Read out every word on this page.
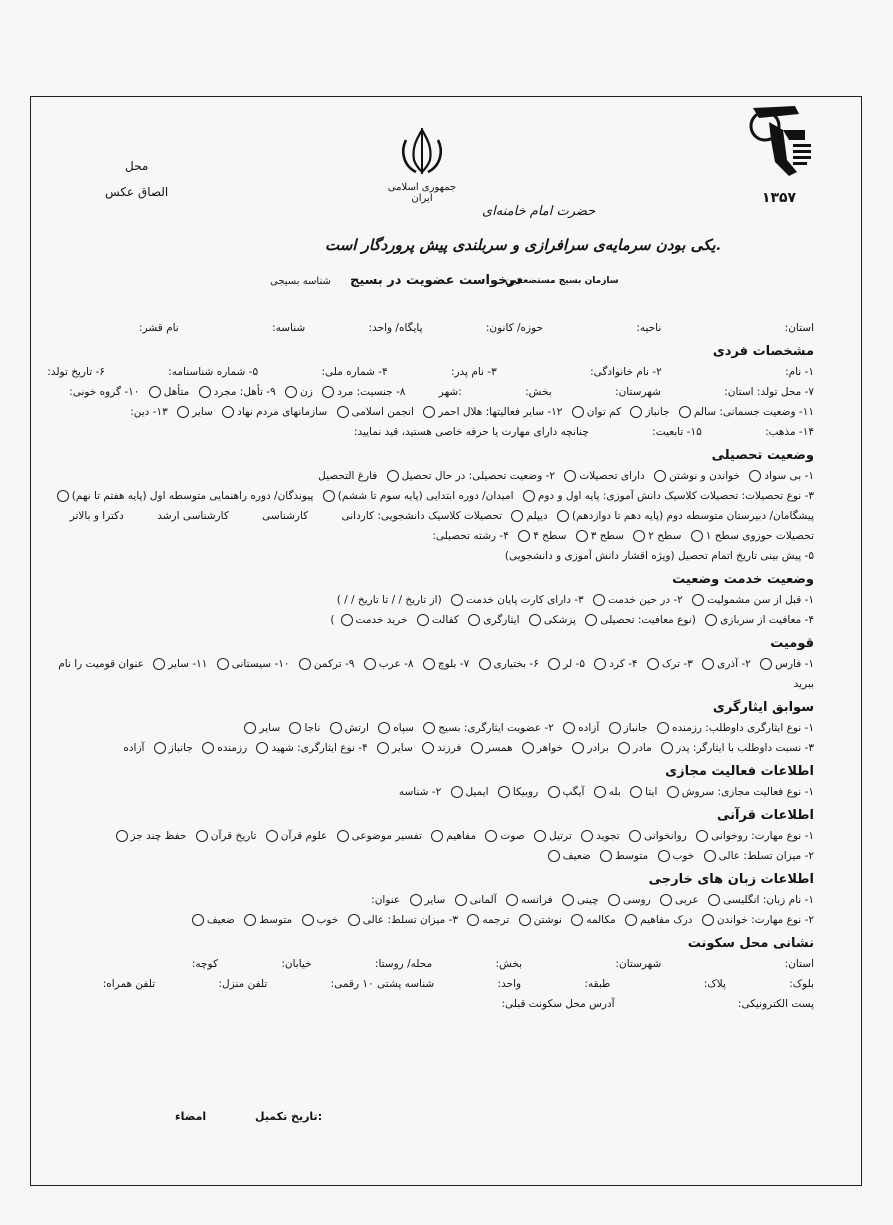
محل
الصاق عکس	جمهوری اسلامی ایران	۱۳۵۷
حضرت امام خامنه‌ای
یکی بودن سرمایه‌ی سرافرازی و سربلندی پیش پروردگار است.
شناسه بسیجی درخواست عضویت در بسیج
سازمان بسیج مستضعفین
استان: ناحیه: حوزه/ کانون: پایگاه/ واحد: شناسه: نام قشر:
مشخصات فردی
۱- نام: ۲- نام خانوادگی: ۳- نام پدر: ۴- شماره ملی: ۵- شماره شناسنامه: ۶- تاریخ تولد:
۷- محل تولد: استان: شهرستان: بخش: :شهر ۸- جنسیت: مرد زن ۹- تأهل: مجرد متأهل ۱۰- گروه خونی:
۱۱- وضعیت جسمانی: سالم جانباز کم توان ۱۲- سایر فعالیتها: هلال احمر انجمن اسلامی سازمانهای مردم نهاد سایر ۱۳- دین:
۱۴- مذهب: ۱۵- تابعیت: چنانچه دارای مهارت یا حرفه خاصی هستید، قید نمایید:
وضعیت تحصیلی
۱- بی سواد خواندن و نوشتن دارای تحصیلات ۲- وضعیت تحصیلی: در حال تحصیل فارغ التحصیل
۳- نوع تحصیلات: تحصیلات کلاسیک دانش آموزی: پایه اول و دوم امیدان/ دوره ابتدایی (پایه سوم تا ششم) پیوندگان/ دوره راهنمایی متوسطه اول (پایه هفتم تا نهم)
پیشگامان/ دبیرستان متوسطه دوم (پایه دهم تا دوازدهم) دیپلم تحصیلات کلاسیک دانشجویی: کاردانی کارشناسی کارشناسی ارشد دکترا و بالاتر
تحصیلات حوزوی سطح ۱ سطح ۲ سطح ۳ سطح ۴ ۴- رشته تحصیلی:
۵- پیش بینی تاریخ اتمام تحصیل (ویژه اقشار دانش آموزی و دانشجویی)
وضعیت خدمت وضعیت
۱- قبل از سن مشمولیت ۲- در حین خدمت ۳- دارای کارت پایان خدمت (از تاریخ / / تا تاریخ / / )
۴- معافیت از سربازی (نوع معافیت: تحصیلی پزشکی ایثارگری کفالت خرید خدمت)
قومیت
۱- فارس ۲- آذری ۳- ترک ۴- کرد ۵- لر ۶- بختیاری ۷- بلوچ ۸- عرب ۹- ترکمن ۱۰- سیستانی ۱۱- سایر عنوان قومیت را نام
ببرید
سوابق ایثارگری
۱- نوع ایثارگری داوطلب: رزمنده جانباز آزاده ۲- عضویت ایثارگری: بسیج سپاه ارتش ناجا سایر
۳- نسبت داوطلب با ایثارگر: پدر مادر برادر خواهر همسر فرزند سایر ۴- نوع ایثارگری: شهید رزمنده جانباز آزاده
اطلاعات فعالیت مجازی
۱- نوع فعالیت مجازی: سروش ایتا بله آیگپ روبیکا ایمیل ۲- شناسه
اطلاعات قرآنی
۱- نوع مهارت: روخوانی روانخوانی تجوید ترتیل صوت مفاهیم تفسیر موضوعی علوم قرآن تاریخ قرآن حفظ چند جز
۲- میزان تسلط: عالی خوب متوسط ضعیف
اطلاعات زبان های خارجی
۱- نام زبان: انگلیسی عربی روسی چینی فرانسه آلمانی سایر عنوان:
۲- نوع مهارت: خواندن درک مفاهیم مکالمه نوشتن ترجمه ۳- میزان تسلط: عالی خوب متوسط ضعیف
نشانی محل سکونت
استان: شهرستان: بخش: محله/ روستا: خیابان: کوچه:
بلوک: پلاک: طبقه: واحد: شناسه پشتی ۱۰ رقمی: تلفن منزل: تلفن همراه:
پست الکترونیکی: آدرس محل سکونت قبلی:
تاریخ تکمیل:
امضاء
